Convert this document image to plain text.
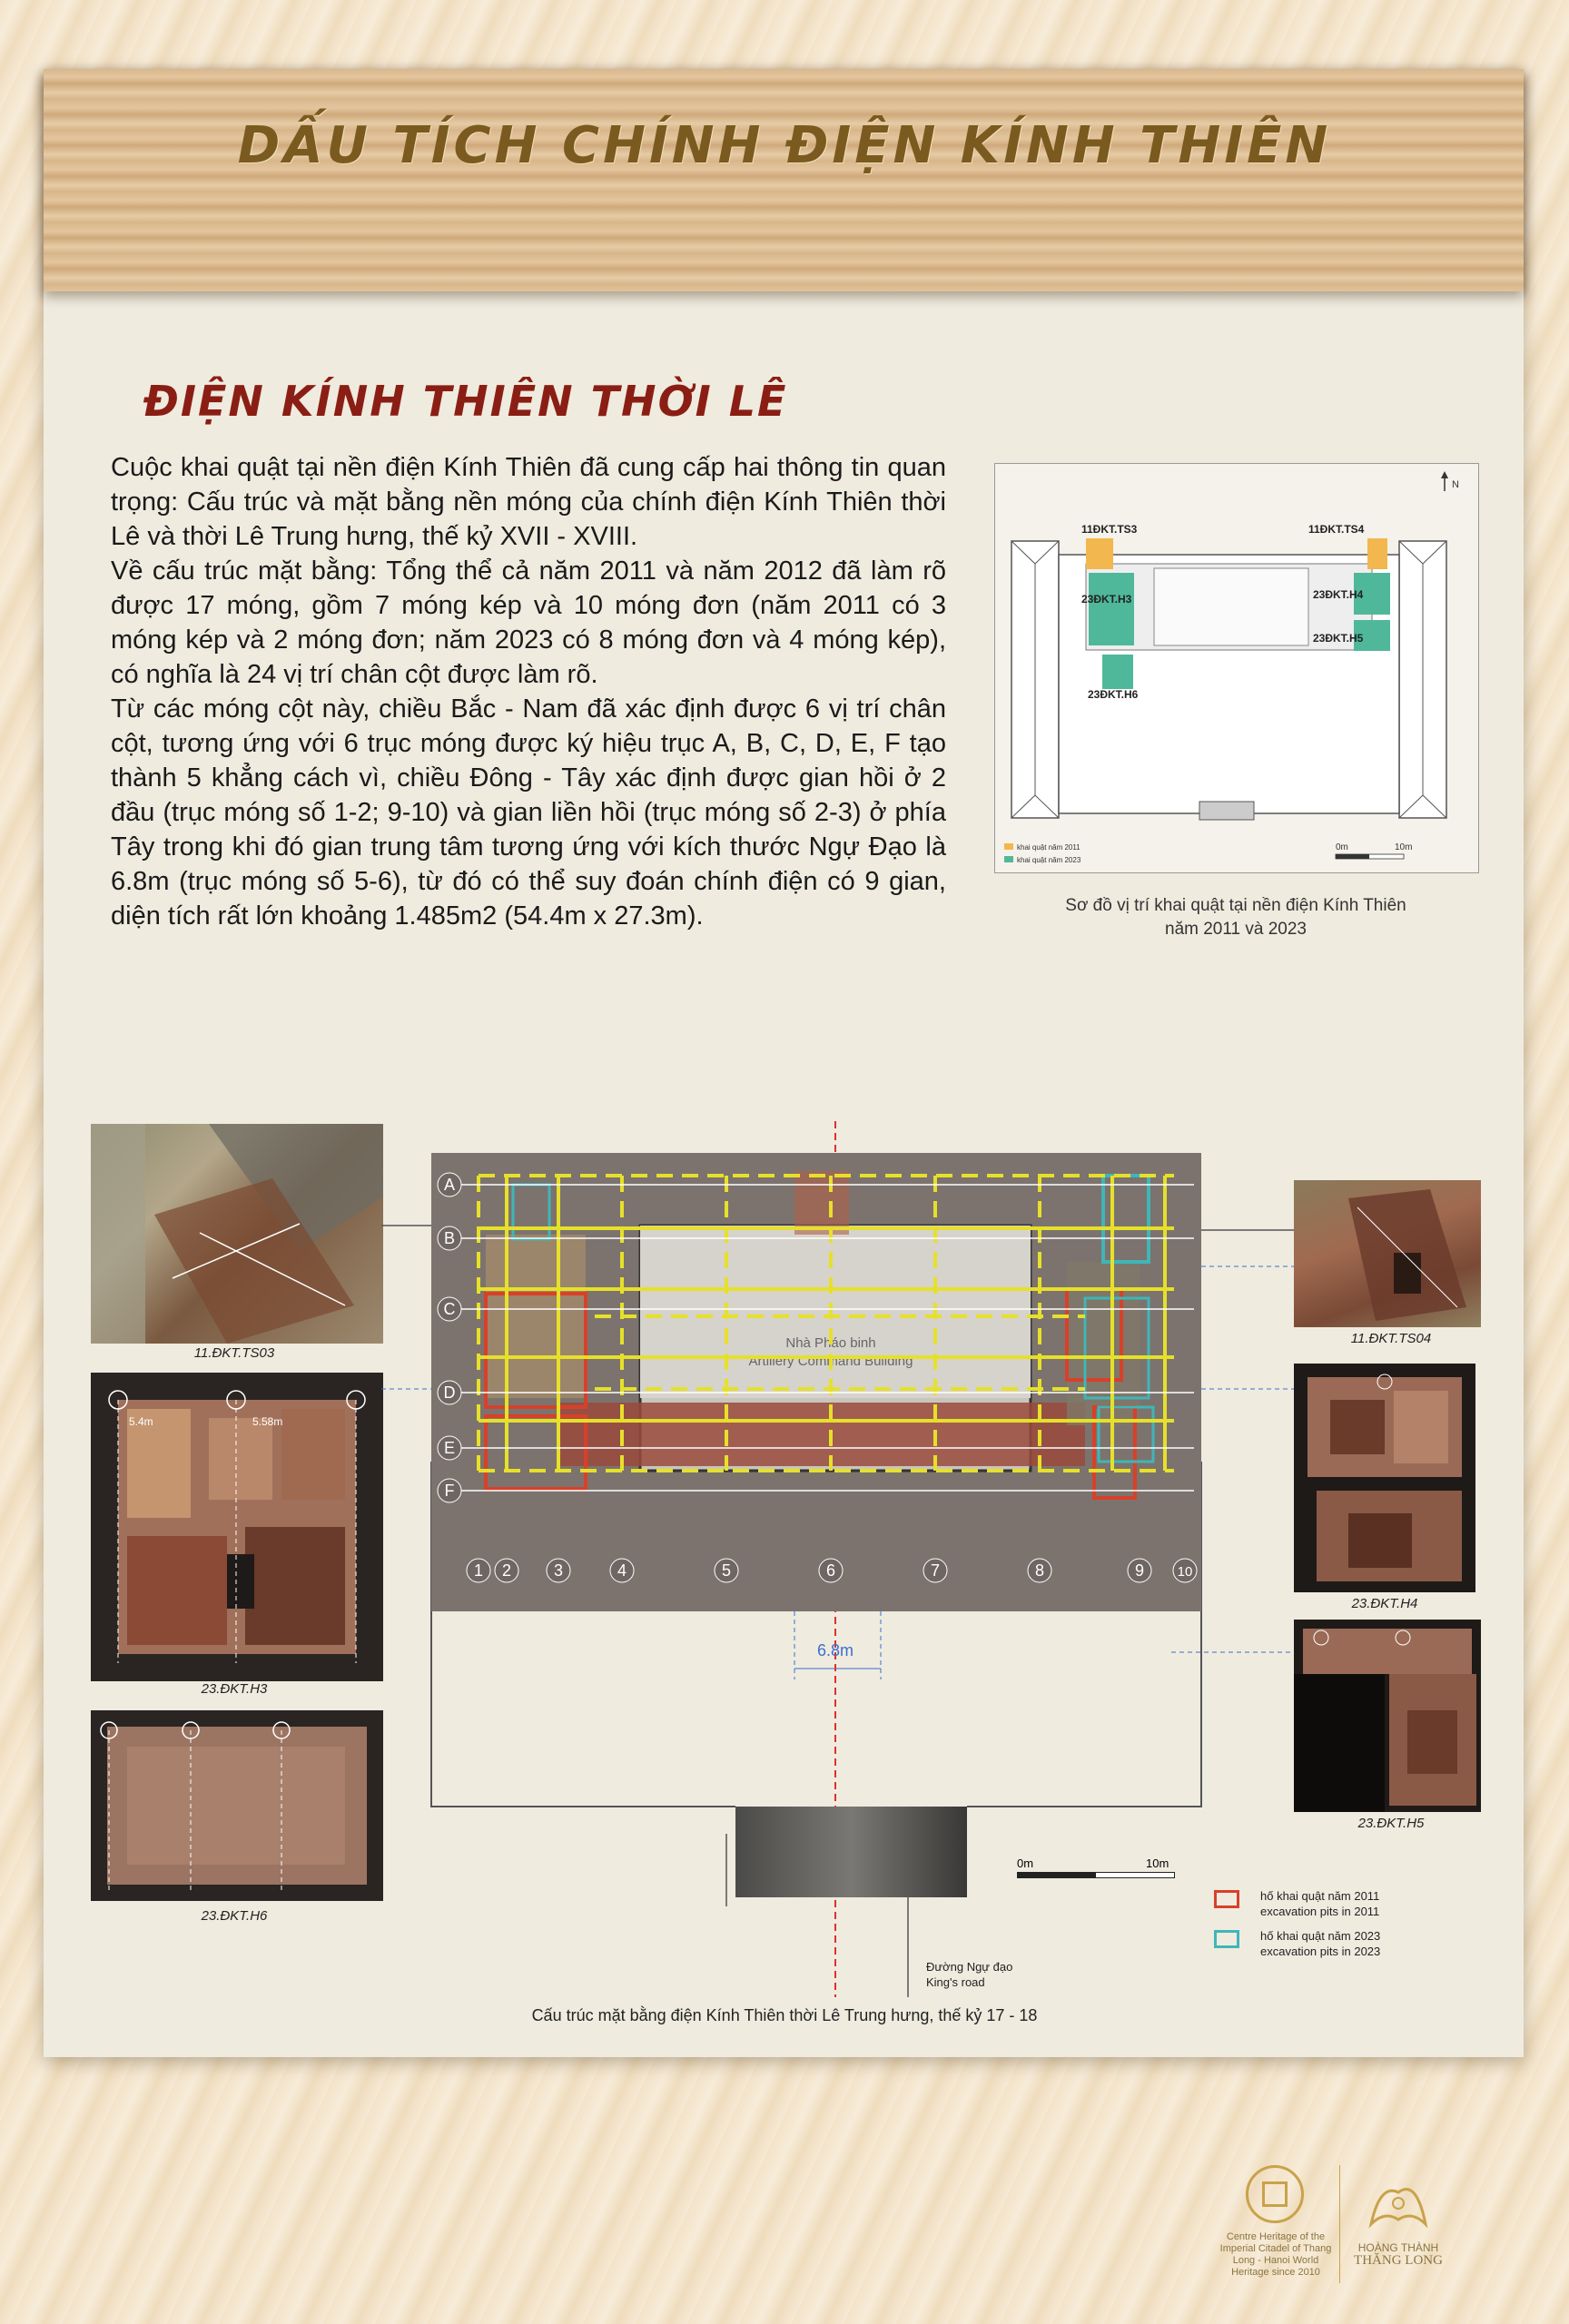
DẤU TÍCH CHÍNH ĐIỆN KÍNH THIÊN
ĐIỆN KÍNH THIÊN THỜI LÊ

Cuộc khai quật tại nền điện Kính Thiên đã cung cấp hai thông tin quan trọng: Cấu trúc và mặt bằng nền móng của chính điện Kính Thiên thời Lê và thời Lê Trung hưng, thế kỷ XVII - XVIII.

Về cấu trúc mặt bằng: Tổng thể cả năm 2011 và năm 2012 đã làm rõ được 17 móng, gồm 7 móng kép và 10 móng đơn (năm 2011 có 3 móng kép và 2 móng đơn; năm 2023 có 8 móng đơn và 4 móng kép), có nghĩa là 24 vị trí chân cột được làm rõ.

Từ các móng cột này, chiều Bắc - Nam đã xác định được 6 vị trí chân cột, tương ứng với 6 trục móng được ký hiệu trục A, B, C, D, E, F tạo thành 5 khẳng cách vì, chiều Đông - Tây xác định được gian hồi ở 2 đầu (trục móng số 1-2; 9-10) và gian liền hồi (trục móng số 2-3) ở phía Tây trong khi đó gian trung tâm tương ứng với kích thước Ngự Đạo là 6.8m (trục móng số 5-6), từ đó có thể suy đoán chính điện có 9 gian, diện tích rất lớn khoảng 1.485m2 (54.4m x 27.3m).

N
11ĐKT.TS3	11ĐKT.TS4
23ĐKT.H3	23ĐKT.H4
23ĐKT.H5
23ĐKT.H6
khai quật năm 2011
khai quật năm 2023
0m	10m
Sơ đồ vị trí khai quật tại nền điện Kính Thiên
năm 2011 và 2023
11.ĐKT.TS03
5.4m	5.58m
23.ĐKT.H3
23.ĐKT.H6
11.ĐKT.TS04
23.ĐKT.H4
23.ĐKT.H5
Nhà Pháo binh
Artillery Command Building
A
B
C
D
E
F
1 2	3	4	5	6	7	8	9 10
6.8m
0m	10m
Đường Ngự đạo
King's road
hố khai quật năm 2011
excavation pits in 2011
hố khai quật năm 2023
excavation pits in 2023
Cấu trúc mặt bằng điện Kính Thiên thời Lê Trung hưng, thế kỷ 17 - 18
Centre Heritage of the Imperial Citadel of Thang Long - Hanoi World Heritage since 2010
HOÀNG THÀNH
THĂNG LONG
